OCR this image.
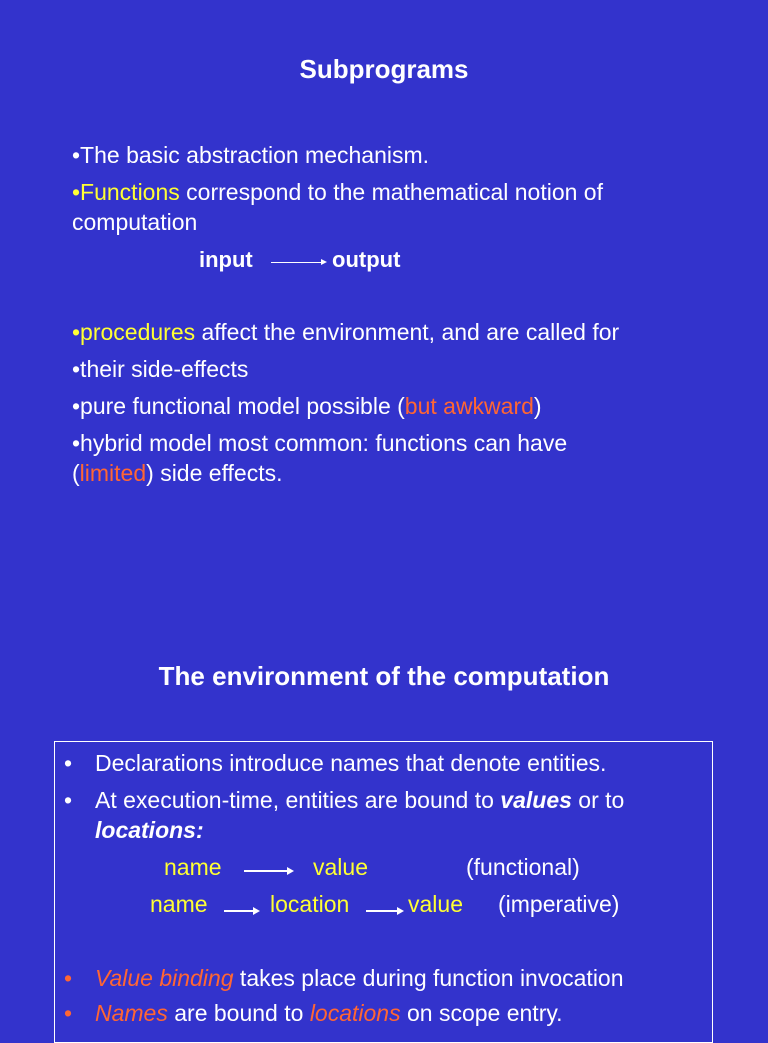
Subprograms
•The basic abstraction mechanism.
•Functions correspond to the mathematical notion of
computation
input	output
•procedures affect the environment, and are called for
•their side-effects
•pure functional model possible (but awkward)
•hybrid model most common: functions can have
(limited) side effects.
The environment of the computation
• Declarations introduce names that denote entities.
• At execution-time, entities are bound to values or to
locations:
name	value	(functional)
name	location	value (imperative)
• Value binding takes place during function invocation
• Names are bound to locations on scope entry.
